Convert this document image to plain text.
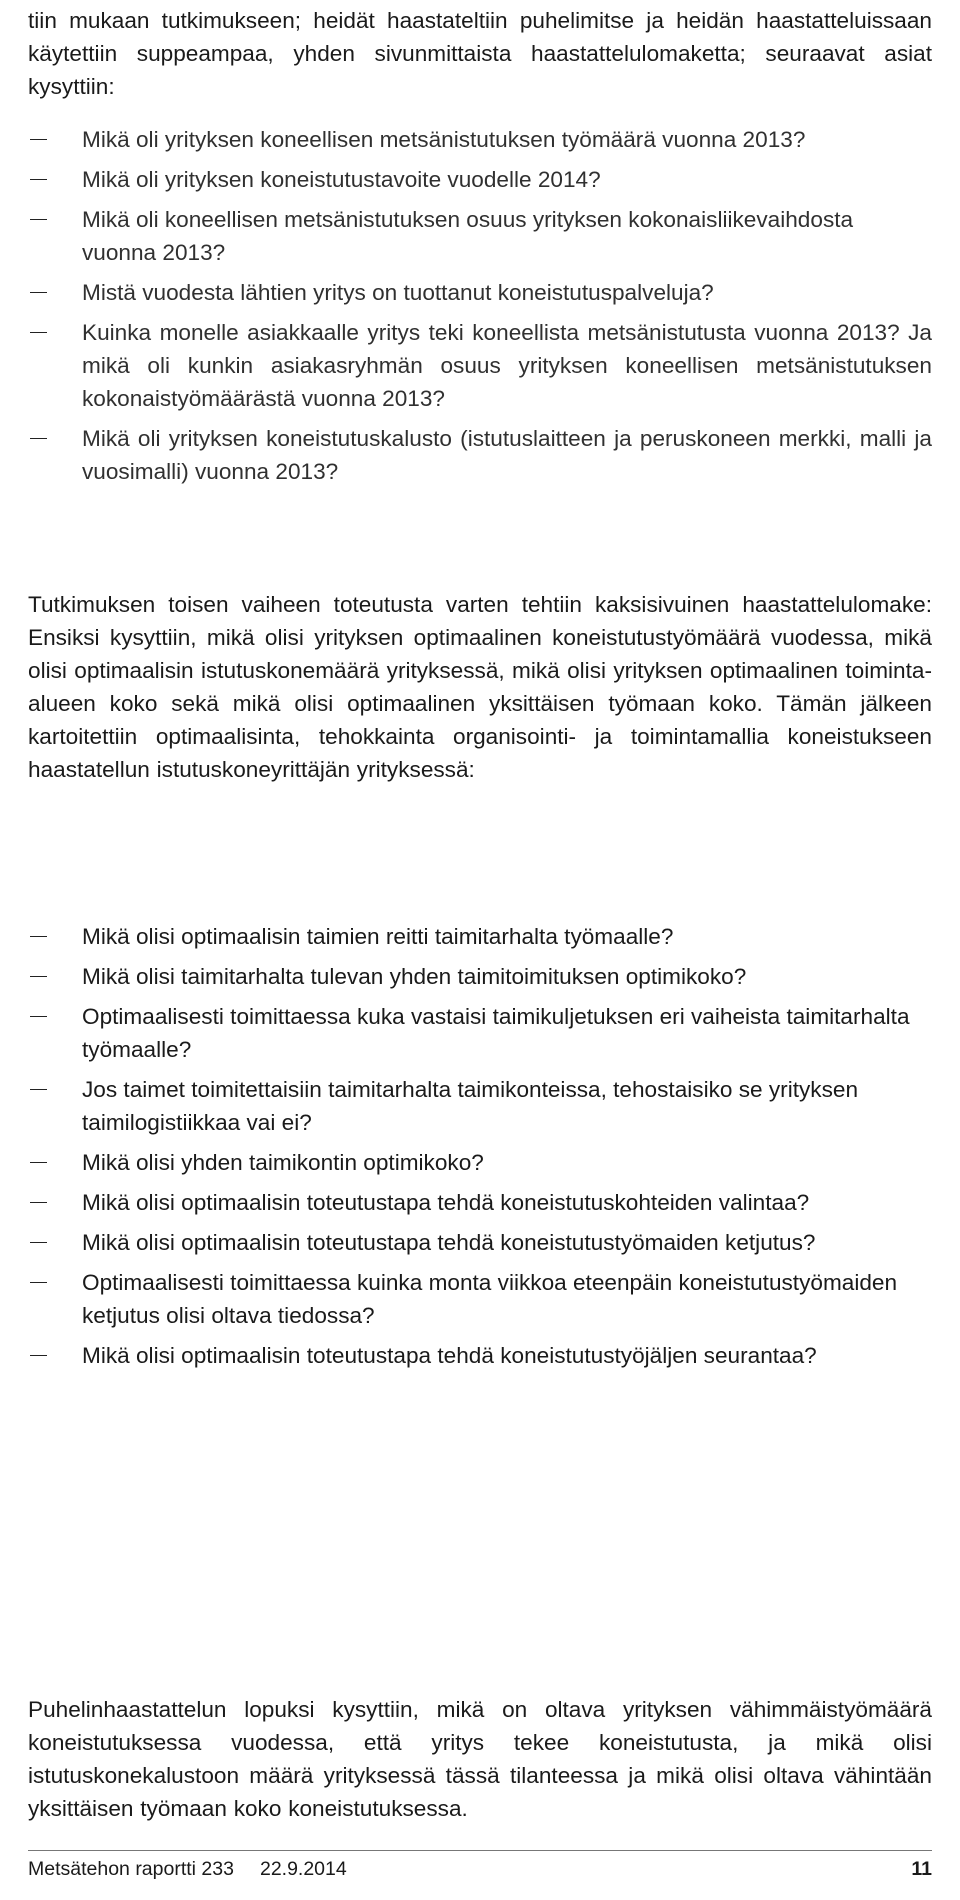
tiin mukaan tutkimukseen; heidät haastateltiin puhelimitse ja heidän haastatteluissaan käytettiin suppeampaa, yhden sivunmittaista haastattelulomaketta; seuraavat asiat kysyttiin:

Mikä oli yrityksen koneellisen metsänistutuksen työmäärä vuonna 2013?
Mikä oli yrityksen koneistutustavoite vuodelle 2014?
Mikä oli koneellisen metsänistutuksen osuus yrityksen kokonaisliikevaihdosta vuonna 2013?
Mistä vuodesta lähtien yritys on tuottanut koneistutuspalveluja?
Kuinka monelle asiakkaalle yritys teki koneellista metsänistutusta vuonna 2013? Ja mikä oli kunkin asiakasryhmän osuus yrityksen koneellisen metsänistutuksen kokonaistyömäärästä vuonna 2013?
Mikä oli yrityksen koneistutuskalusto (istutuslaitteen ja peruskoneen merkki, malli ja vuosimalli) vuonna 2013?

Tutkimuksen toisen vaiheen toteutusta varten tehtiin kaksisivuinen haastattelulomake: Ensiksi kysyttiin, mikä olisi yrityksen optimaalinen koneistutustyömäärä vuodessa, mikä olisi optimaalisin istutuskonemäärä yrityksessä, mikä olisi yrityksen optimaalinen toiminta-alueen koko sekä mikä olisi optimaalinen yksittäisen työmaan koko. Tämän jälkeen kartoitettiin optimaalisinta, tehokkainta organisointi- ja toimintamallia koneistukseen haastatellun istutuskoneyrittäjän yrityksessä:

Mikä olisi optimaalisin taimien reitti taimitarhalta työmaalle?
Mikä olisi taimitarhalta tulevan yhden taimitoimituksen optimikoko?
Optimaalisesti toimittaessa kuka vastaisi taimikuljetuksen eri vaiheista taimitarhalta työmaalle?
Jos taimet toimitettaisiin taimitarhalta taimikonteissa, tehostaisiko se yrityksen taimilogistiikkaa vai ei?
Mikä olisi yhden taimikontin optimikoko?
Mikä olisi optimaalisin toteutustapa tehdä koneistutuskohteiden valintaa?
Mikä olisi optimaalisin toteutustapa tehdä koneistutustyömaiden ketjutus?
Optimaalisesti toimittaessa kuinka monta viikkoa eteenpäin koneistutustyömaiden ketjutus olisi oltava tiedossa?
Mikä olisi optimaalisin toteutustapa tehdä koneistutustyöjäljen seurantaa?

Puhelinhaastattelun lopuksi kysyttiin, mikä on oltava yrityksen vähimmäistyömäärä koneistutuksessa vuodessa, että yritys tekee koneistutusta, ja mikä olisi istutuskonekalustoon määrä yrityksessä tässä tilanteessa ja mikä olisi oltava vähintään yksittäisen työmaan koko koneistutuksessa.

Metsätehon raportti 233 22.9.2014	11
